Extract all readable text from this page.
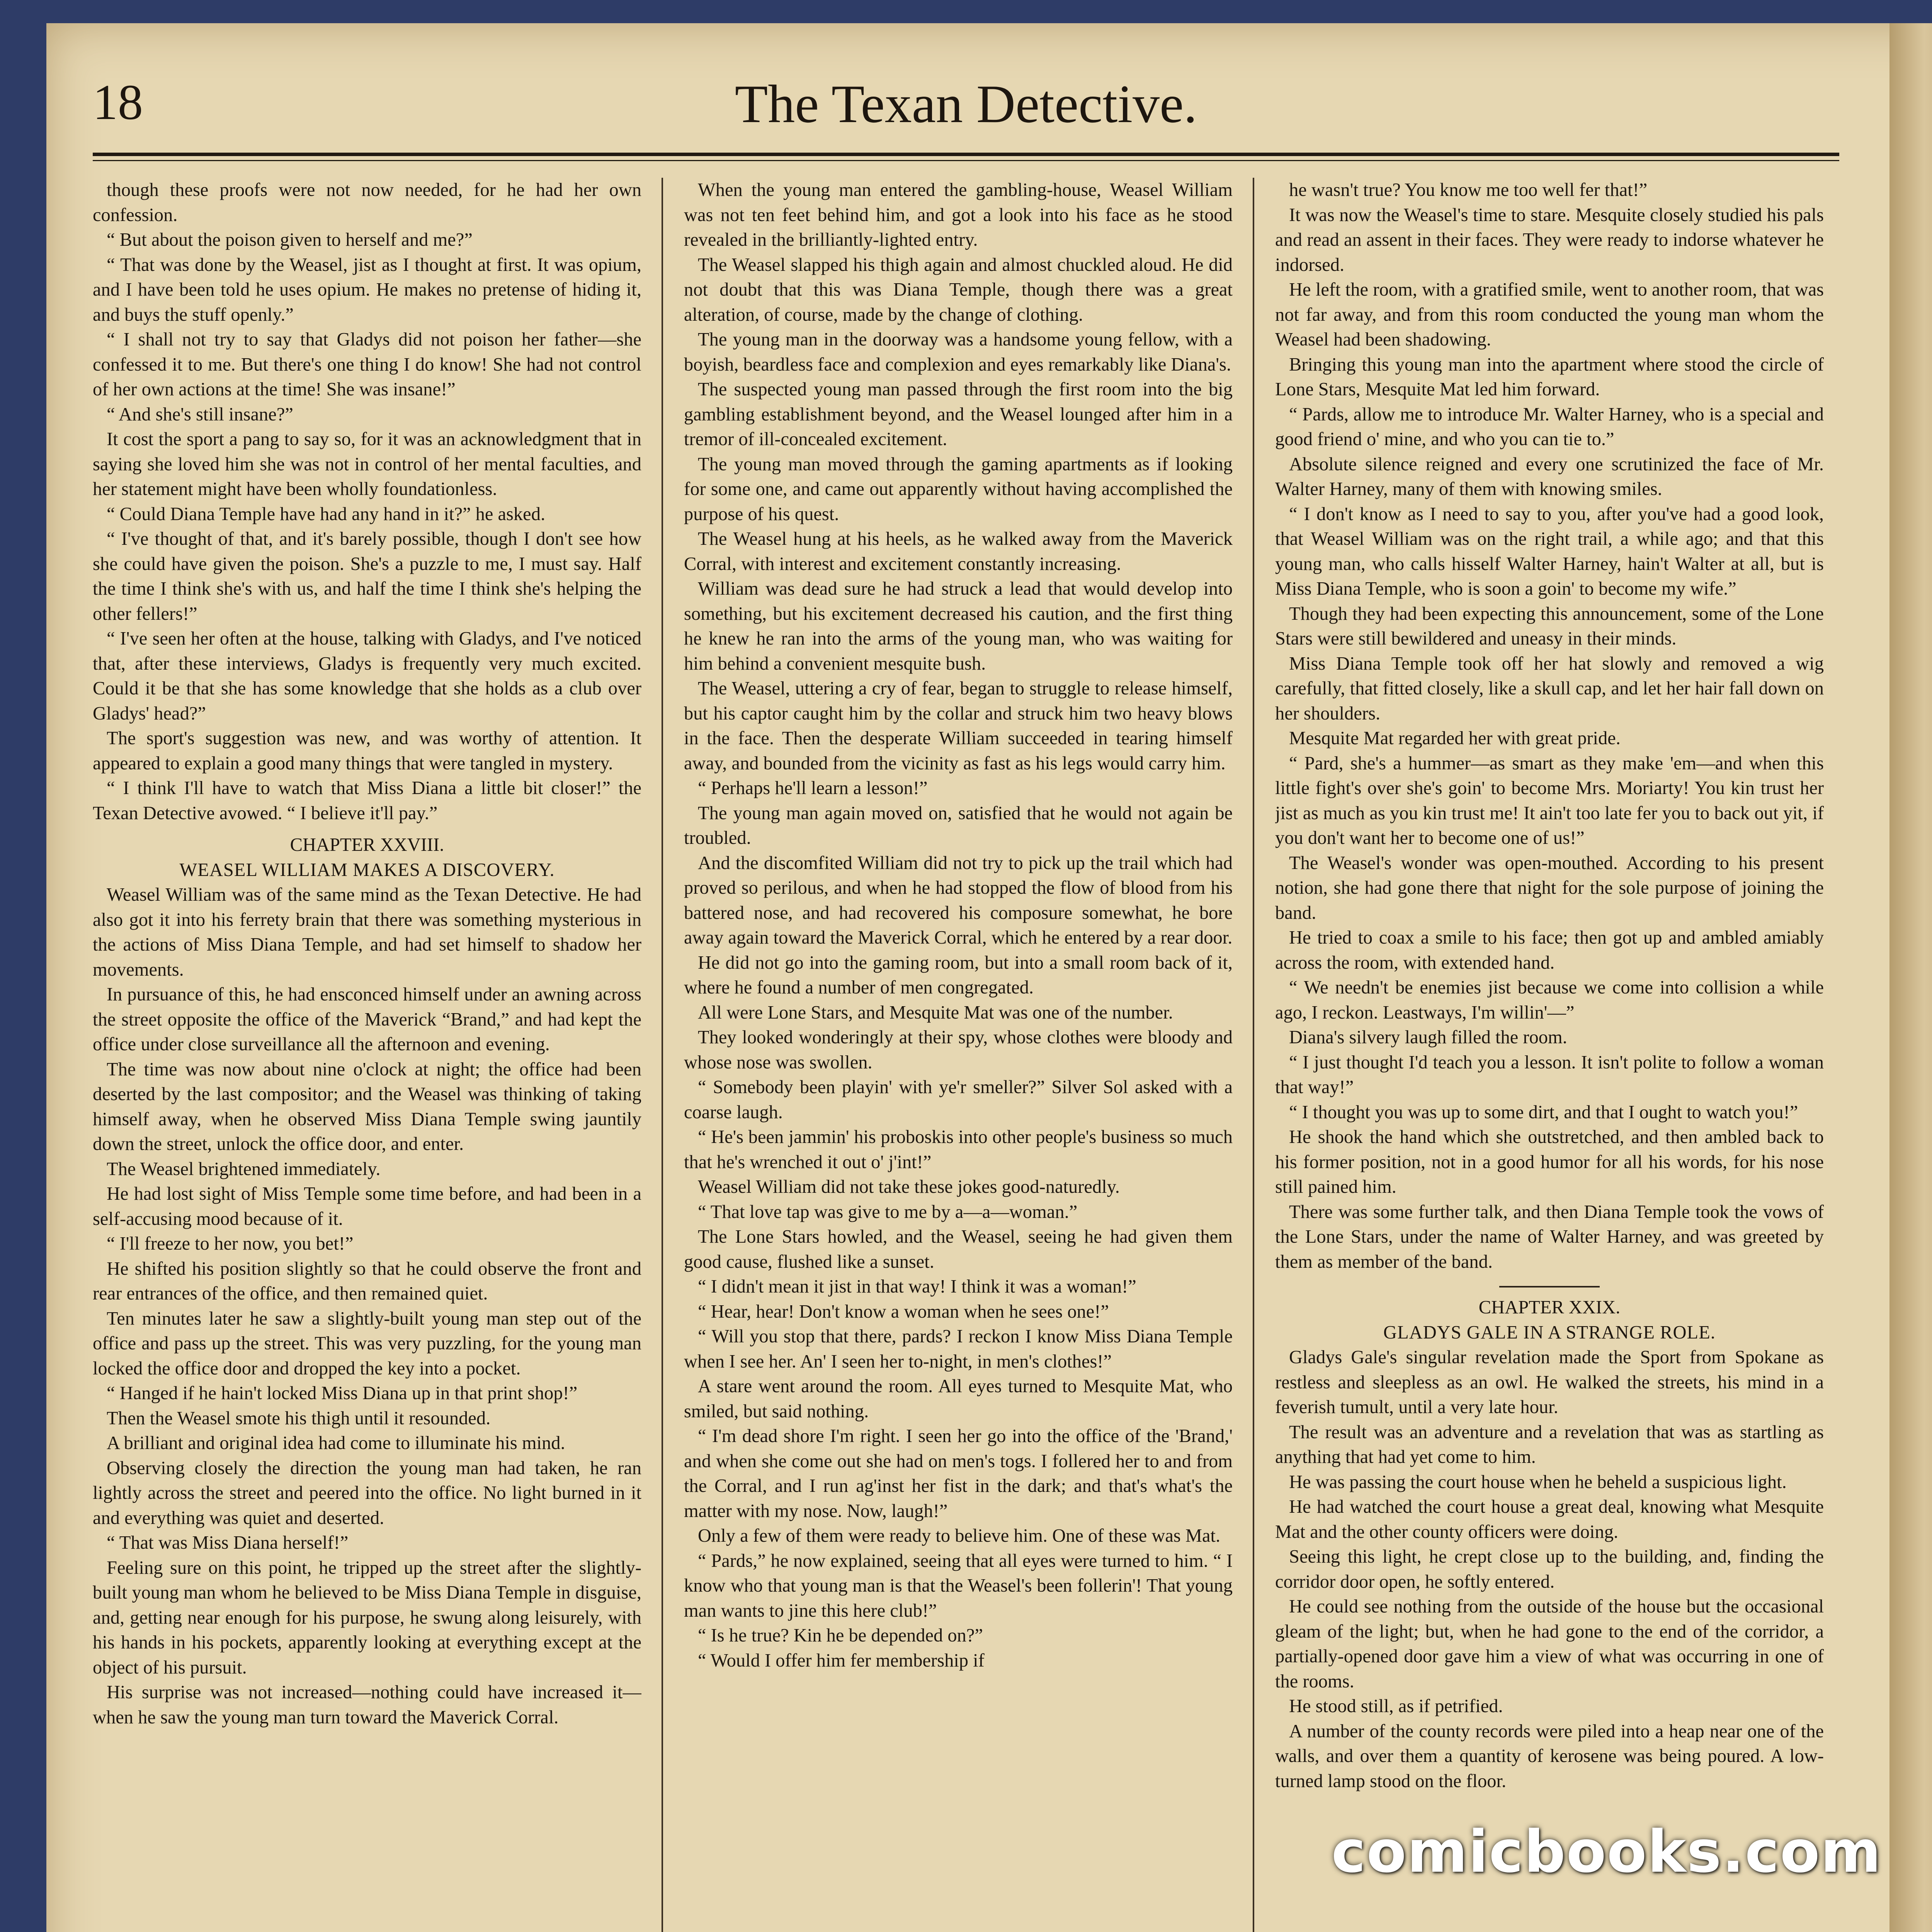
18	The Texan Detective.

though these proofs were not now needed, for he had her own confession.

“ But about the poison given to herself and me?”

“ That was done by the Weasel, jist as I thought at first. It was opium, and I have been told he uses opium. He makes no pretense of hiding it, and buys the stuff openly.”

“ I shall not try to say that Gladys did not poison her father—she confessed it to me. But there's one thing I do know! She had not control of her own actions at the time! She was insane!”

“ And she's still insane?”

It cost the sport a pang to say so, for it was an acknowledgment that in saying she loved him she was not in control of her mental faculties, and her statement might have been wholly foundationless.

“ Could Diana Temple have had any hand in it?” he asked.

“ I've thought of that, and it's barely possible, though I don't see how she could have given the poison. She's a puzzle to me, I must say. Half the time I think she's with us, and half the time I think she's helping the other fellers!”

“ I've seen her often at the house, talking with Gladys, and I've noticed that, after these interviews, Gladys is frequently very much excited. Could it be that she has some knowledge that she holds as a club over Gladys' head?”

The sport's suggestion was new, and was worthy of attention. It appeared to explain a good many things that were tangled in mystery.

“ I think I'll have to watch that Miss Diana a little bit closer!” the Texan Detective avowed. “ I believe it'll pay.”

CHAPTER XXVIII.

WEASEL WILLIAM MAKES A DISCOVERY.

Weasel William was of the same mind as the Texan Detective. He had also got it into his ferrety brain that there was something mysterious in the actions of Miss Diana Temple, and had set himself to shadow her movements.

In pursuance of this, he had ensconced himself under an awning across the street opposite the office of the Maverick “Brand,” and had kept the office under close surveillance all the afternoon and evening.

The time was now about nine o'clock at night; the office had been deserted by the last compositor; and the Weasel was thinking of taking himself away, when he observed Miss Diana Temple swing jauntily down the street, unlock the office door, and enter.

The Weasel brightened immediately.

He had lost sight of Miss Temple some time before, and had been in a self-accusing mood because of it.

“ I'll freeze to her now, you bet!”

He shifted his position slightly so that he could observe the front and rear entrances of the office, and then remained quiet.

Ten minutes later he saw a slightly-built young man step out of the office and pass up the street. This was very puzzling, for the young man locked the office door and dropped the key into a pocket.

“ Hanged if he hain't locked Miss Diana up in that print shop!”

Then the Weasel smote his thigh until it resounded.

A brilliant and original idea had come to illuminate his mind.

Observing closely the direction the young man had taken, he ran lightly across the street and peered into the office. No light burned in it and everything was quiet and deserted.

“ That was Miss Diana herself!”

Feeling sure on this point, he tripped up the street after the slightly-built young man whom he believed to be Miss Diana Temple in disguise, and, getting near enough for his purpose, he swung along leisurely, with his hands in his pockets, apparently looking at everything except at the object of his pursuit.

His surprise was not increased—nothing could have increased it—when he saw the young man turn toward the Maverick Corral.

When the young man entered the gambling-house, Weasel William was not ten feet behind him, and got a look into his face as he stood revealed in the brilliantly-lighted entry.

The Weasel slapped his thigh again and almost chuckled aloud. He did not doubt that this was Diana Temple, though there was a great alteration, of course, made by the change of clothing.

The young man in the doorway was a handsome young fellow, with a boyish, beardless face and complexion and eyes remarkably like Diana's.

The suspected young man passed through the first room into the big gambling establishment beyond, and the Weasel lounged after him in a tremor of ill-concealed excitement.

The young man moved through the gaming apartments as if looking for some one, and came out apparently without having accomplished the purpose of his quest.

The Weasel hung at his heels, as he walked away from the Maverick Corral, with interest and excitement constantly increasing.

William was dead sure he had struck a lead that would develop into something, but his excitement decreased his caution, and the first thing he knew he ran into the arms of the young man, who was waiting for him behind a convenient mesquite bush.

The Weasel, uttering a cry of fear, began to struggle to release himself, but his captor caught him by the collar and struck him two heavy blows in the face. Then the desperate William succeeded in tearing himself away, and bounded from the vicinity as fast as his legs would carry him.

“ Perhaps he'll learn a lesson!”

The young man again moved on, satisfied that he would not again be troubled.

And the discomfited William did not try to pick up the trail which had proved so perilous, and when he had stopped the flow of blood from his battered nose, and had recovered his composure somewhat, he bore away again toward the Maverick Corral, which he entered by a rear door.

He did not go into the gaming room, but into a small room back of it, where he found a number of men congregated.

All were Lone Stars, and Mesquite Mat was one of the number.

They looked wonderingly at their spy, whose clothes were bloody and whose nose was swollen.

“ Somebody been playin' with ye'r smeller?” Silver Sol asked with a coarse laugh.

“ He's been jammin' his proboskis into other people's business so much that he's wrenched it out o' j'int!”

Weasel William did not take these jokes good-naturedly.

“ That love tap was give to me by a—a—woman.”

The Lone Stars howled, and the Weasel, seeing he had given them good cause, flushed like a sunset.

“ I didn't mean it jist in that way! I think it was a woman!”

“ Hear, hear! Don't know a woman when he sees one!”

“ Will you stop that there, pards? I reckon I know Miss Diana Temple when I see her. An' I seen her to-night, in men's clothes!”

A stare went around the room. All eyes turned to Mesquite Mat, who smiled, but said nothing.

“ I'm dead shore I'm right. I seen her go into the office of the 'Brand,' and when she come out she had on men's togs. I follered her to and from the Corral, and I run ag'inst her fist in the dark; and that's what's the matter with my nose. Now, laugh!”

Only a few of them were ready to believe him. One of these was Mat.

“ Pards,” he now explained, seeing that all eyes were turned to him. “ I know who that young man is that the Weasel's been follerin'! That young man wants to jine this here club!”

“ Is he true? Kin he be depended on?”

“ Would I offer him fer membership if

he wasn't true? You know me too well fer that!”

It was now the Weasel's time to stare. Mesquite closely studied his pals and read an assent in their faces. They were ready to indorse whatever he indorsed.

He left the room, with a gratified smile, went to another room, that was not far away, and from this room conducted the young man whom the Weasel had been shadowing.

Bringing this young man into the apartment where stood the circle of Lone Stars, Mesquite Mat led him forward.

“ Pards, allow me to introduce Mr. Walter Harney, who is a special and good friend o' mine, and who you can tie to.”

Absolute silence reigned and every one scrutinized the face of Mr. Walter Harney, many of them with knowing smiles.

“ I don't know as I need to say to you, after you've had a good look, that Weasel William was on the right trail, a while ago; and that this young man, who calls hisself Walter Harney, hain't Walter at all, but is Miss Diana Temple, who is soon a goin' to become my wife.”

Though they had been expecting this announcement, some of the Lone Stars were still bewildered and uneasy in their minds.

Miss Diana Temple took off her hat slowly and removed a wig carefully, that fitted closely, like a skull cap, and let her hair fall down on her shoulders.

Mesquite Mat regarded her with great pride.

“ Pard, she's a hummer—as smart as they make 'em—and when this little fight's over she's goin' to become Mrs. Moriarty! You kin trust her jist as much as you kin trust me! It ain't too late fer you to back out yit, if you don't want her to become one of us!”

The Weasel's wonder was open-mouthed. According to his present notion, she had gone there that night for the sole purpose of joining the band.

He tried to coax a smile to his face; then got up and ambled amiably across the room, with extended hand.

“ We needn't be enemies jist because we come into collision a while ago, I reckon. Leastways, I'm willin'—”

Diana's silvery laugh filled the room.

“ I just thought I'd teach you a lesson. It isn't polite to follow a woman that way!”

“ I thought you was up to some dirt, and that I ought to watch you!”

He shook the hand which she outstretched, and then ambled back to his former position, not in a good humor for all his words, for his nose still pained him.

There was some further talk, and then Diana Temple took the vows of the Lone Stars, under the name of Walter Harney, and was greeted by them as member of the band.

CHAPTER XXIX.

GLADYS GALE IN A STRANGE ROLE.

Gladys Gale's singular revelation made the Sport from Spokane as restless and sleepless as an owl. He walked the streets, his mind in a feverish tumult, until a very late hour.

The result was an adventure and a revelation that was as startling as anything that had yet come to him.

He was passing the court house when he beheld a suspicious light.

He had watched the court house a great deal, knowing what Mesquite Mat and the other county officers were doing.

Seeing this light, he crept close up to the building, and, finding the corridor door open, he softly entered.

He could see nothing from the outside of the house but the occasional gleam of the light; but, when he had gone to the end of the corridor, a partially-opened door gave him a view of what was occurring in one of the rooms.

He stood still, as if petrified.

A number of the county records were piled into a heap near one of the walls, and over them a quantity of kerosene was being poured. A low-turned lamp stood on the floor.

comicbooks.com
